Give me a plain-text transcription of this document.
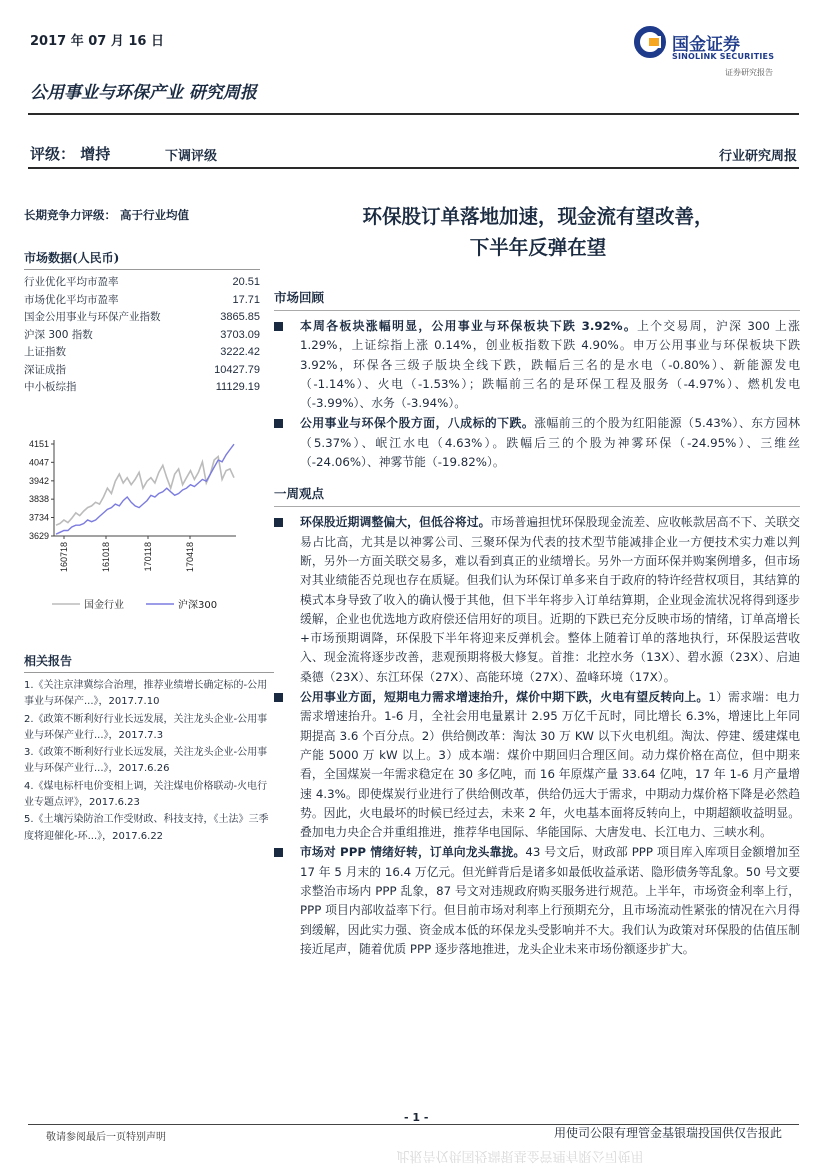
2017 年 07 月 16 日	国金证券
SINOLINK SECURITIES
证券研究报告
公用事业与环保产业 研究周报
评级： 增持	下调评级	行业研究周报
长期竞争力评级： 高于行业均值
市场数据(人民币)
行业优化平均市盈率	20.51
市场优化平均市盈率	17.71
国金公用事业与环保产业指数	3865.85
沪深 300 指数	3703.09
上证指数	3222.42
深证成指	10427.79
中小板综指	11129.19
4151
4047
3942
3838
3734
3629
160718	161018	170118	170418
国金行业	沪深300
相关报告
1.《关注京津冀综合治理，推荐业绩增长确定标的-公用事业与环保产...》，2017.7.10
2.《政策不断利好行业长远发展，关注龙头企业-公用事业与环保产业行...》，2017.7.3
3.《政策不断利好行业长远发展，关注龙头企业-公用事业与环保产业行...》，2017.6.26
4.《煤电标杆电价变相上调，关注煤电价格联动-火电行业专题点评》，2017.6.23
5.《土壤污染防治工作受财政、科技支持，《土法》三季度将迎催化-环...》，2017.6.22
环保股订单落地加速，现金流有望改善，
下半年反弹在望
市场回顾
本周各板块涨幅明显，公用事业与环保板块下跌 3.92%。上个交易周，沪深 300 上涨 1.29%，上证综指上涨 0.14%，创业板指数下跌 4.90%。申万公用事业与环保板块下跌 3.92%，环保各三级子版块全线下跌，跌幅后三名的是水电（-0.80%）、新能源发电（-1.14%）、火电（-1.53%）；跌幅前三名的是环保工程及服务（-4.97%）、燃机发电（-3.99%）、水务（-3.94%）。
公用事业与环保个股方面，八成标的下跌。涨幅前三的个股为红阳能源（5.43%）、东方园林（5.37%）、岷江水电（4.63%）。跌幅后三的个股为神雾环保（-24.95%）、三维丝（-24.06%）、神雾节能（-19.82%）。
一周观点
环保股近期调整偏大，但低谷将过。市场普遍担忧环保股现金流差、应收帐款居高不下、关联交易占比高，尤其是以神雾公司、三聚环保为代表的技术型节能减排企业一方便技术实力难以判断，另外一方面关联交易多，难以看到真正的业绩增长。另外一方面环保并购案例增多，但市场对其业绩能否兑现也存在质疑。但我们认为环保订单多来自于政府的特许经营权项目，其结算的模式本身导致了收入的确认慢于其他，但下半年将步入订单结算期，企业现金流状况将得到逐步缓解，企业也优选地方政府偿还信用好的项目。近期的下跌已充分反映市场的情绪，订单高增长+市场预期调降，环保股下半年将迎来反弹机会。整体上随着订单的落地执行，环保股运营收入、现金流将逐步改善，悲观预期将极大修复。首推：北控水务（13X）、碧水源（23X）、启迪桑德（23X）、东江环保（27X）、高能环境（27X）、盈峰环境（17X）。
公用事业方面，短期电力需求增速抬升，煤价中期下跌，火电有望反转向上。1）需求端：电力需求增速抬升。1-6 月，全社会用电量累计 2.95 万亿千瓦时，同比增长 6.3%，增速比上年同期提高 3.6 个百分点。2）供给侧改革：淘汰 30 万 KW 以下火电机组。淘汰、停建、缓建煤电产能 5000 万 kW 以上。3）成本端：煤价中期回归合理区间。动力煤价格在高位，但中期来看，全国煤炭一年需求稳定在 30 多亿吨，而 16 年原煤产量 33.64 亿吨，17 年 1-6 月产量增速 4.3%。即使煤炭行业进行了供给侧改革，供给仍远大于需求，中期动力煤价格下降是必然趋势。因此，火电最坏的时候已经过去，未来 2 年，火电基本面将反转向上，中期超额收益明显。叠加电力央企合并重组推进，推荐华电国际、华能国际、大唐发电、长江电力、三峡水利。
市场对 PPP 情绪好转，订单向龙头靠拢。43 号文后，财政部 PPP 项目库入库项目金额增加至 17 年 5 月末的 16.4 万亿元。但光鲜背后是诸多如最低收益承诺、隐形债务等乱象。50 号文要求整治市场内 PPP 乱象，87 号文对违规政府购买服务进行规范。上半年，市场资金利率上行，PPP 项目内部收益率下行。但目前市场对利率上行预期充分，且市场流动性紧张的情况在六月得到缓解，因此实力强、资金成本低的环保龙头受影响并不大。我们认为政策对环保股的估值压制接近尾声，随着优质 PPP 逐步落地推进，龙头企业未来市场份额逐步扩大。
- 1 -
敬请参阅最后一页特别声明	用使司公限有理管金基银瑞投国供仅告报此
此报告仅供国投瑞银基金管理有限公司使用
